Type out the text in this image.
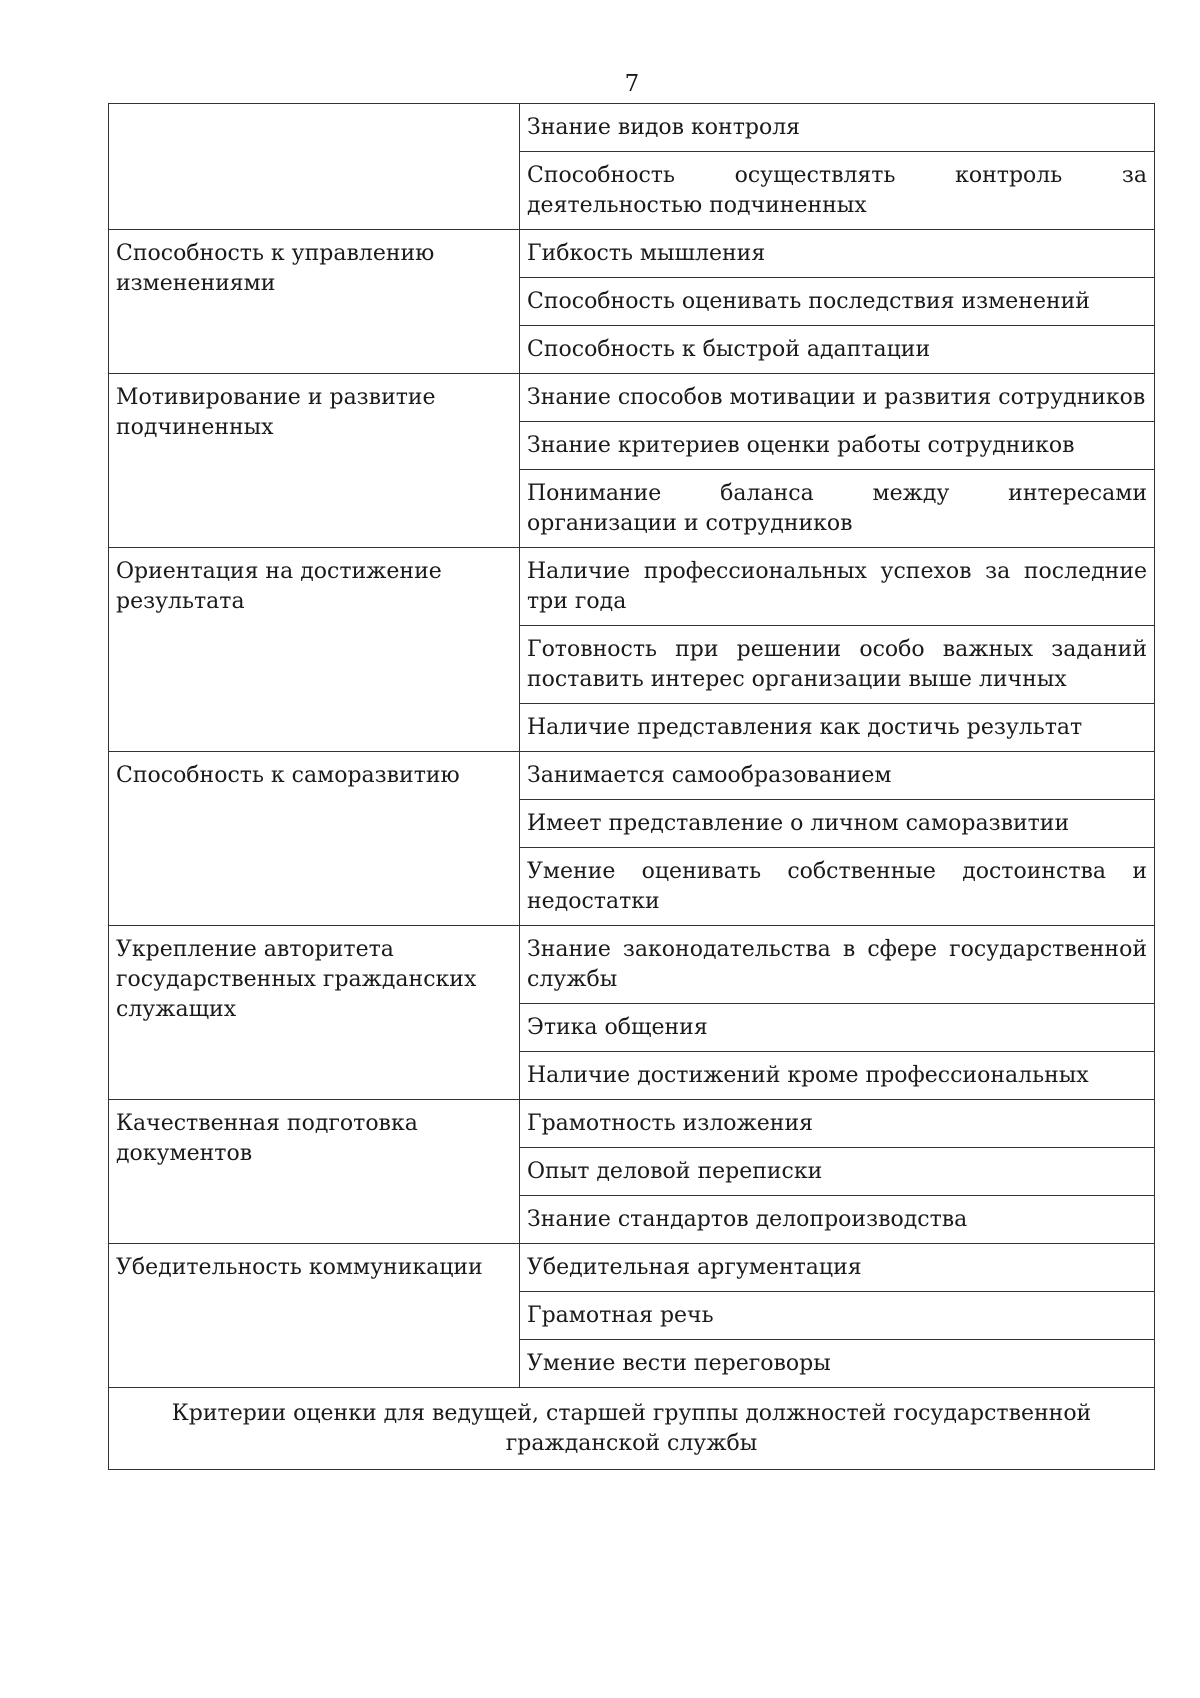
7
	Знание видов контроля
	Способность осуществлять контроль за деятельностью подчиненных
Способность к управлению изменениями	Гибкость мышления
	Способность оценивать последствия изменений
	Способность к быстрой адаптации
Мотивирование и развитие подчиненных	Знание способов мотивации и развития сотрудников
	Знание критериев оценки работы сотрудников
	Понимание баланса между интересами организации и сотрудников
Ориентация на достижение результата	Наличие профессиональных успехов за последние три года
	Готовность при решении особо важных заданий поставить интерес организации выше личных
	Наличие представления как достичь результат
Способность к саморазвитию	Занимается самообразованием
	Имеет представление о личном саморазвитии
	Умение оценивать собственные достоинства и недостатки
Укрепление авторитета государственных гражданских служащих	Знание законодательства в сфере государственной службы
	Этика общения
	Наличие достижений кроме профессиональных
Качественная подготовка документов	Грамотность изложения
	Опыт деловой переписки
	Знание стандартов делопроизводства
Убедительность коммуникации	Убедительная аргументация
	Грамотная речь
	Умение вести переговоры
Критерии оценки для ведущей, старшей группы должностей государственной гражданской службы	
